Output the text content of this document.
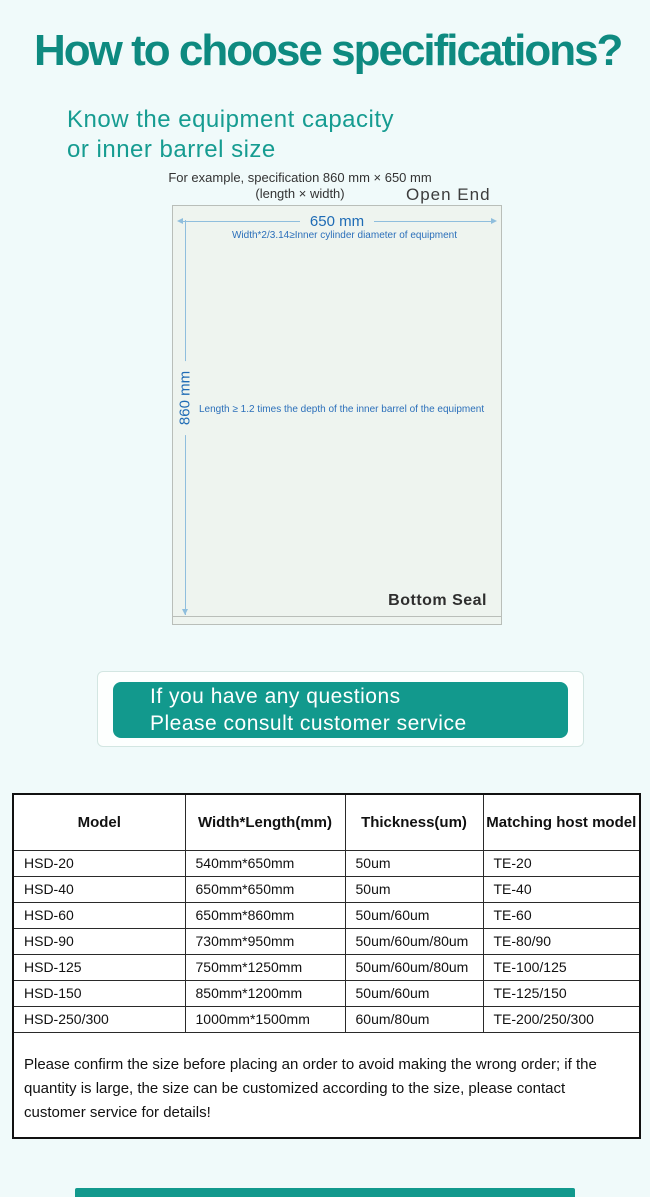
How to choose specifications?
Know the equipment capacity
or inner barrel size
For example, specification 860 mm × 650 mm
(length × width)	Open End
650 mm
Width*2/3.14≥Inner cylinder diameter of equipment
860 mm Length ≥ 1.2 times the depth of the inner barrel of the equipment
Bottom Seal
If you have any questions
Please consult customer service
Model	Width*Length(mm)	Thickness(um)	Matching host model
HSD-20	540mm*650mm	50um	TE-20
HSD-40	650mm*650mm	50um	TE-40
HSD-60	650mm*860mm	50um/60um	TE-60
HSD-90	730mm*950mm	50um/60um/80um	TE-80/90
HSD-125	750mm*1250mm	50um/60um/80um	TE-100/125
HSD-150	850mm*1200mm	50um/60um	TE-125/150
HSD-250/300	1000mm*1500mm	60um/80um	TE-200/250/300
Please confirm the size before placing an order to avoid making the wrong order; if the quantity is large, the size can be customized according to the size, please contact customer service for details!			
